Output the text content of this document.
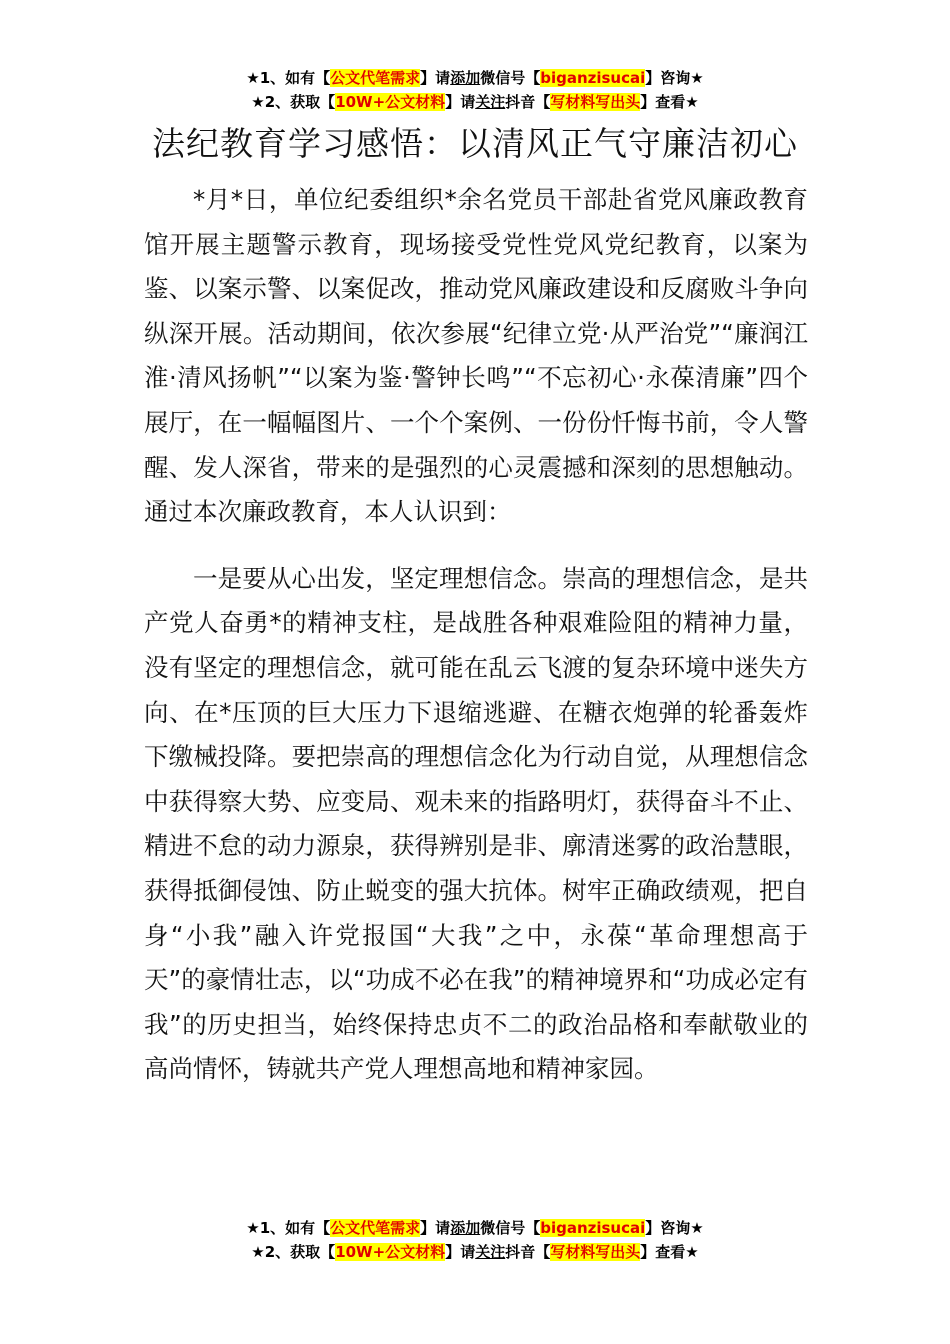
★1、如有【公文代笔需求】请添加微信号【biganzisucai】咨询★
★2、获取【10W+公文材料】请关注抖音【写材料写出头】查看★
法纪教育学习感悟：以清风正气守廉洁初心

*月*日，单位纪委组织*余名党员干部赴省党风廉政教育馆开展主题警示教育，现场接受党性党风党纪教育，以案为鉴、以案示警、以案促改，推动党风廉政建设和反腐败斗争向纵深开展。活动期间，依次参展“纪律立党·从严治党”“廉润江淮·清风扬帆”“以案为鉴·警钟长鸣”“不忘初心·永葆清廉”四个展厅，在一幅幅图片、一个个案例、一份份忏悔书前，令人警醒、发人深省，带来的是强烈的心灵震撼和深刻的思想触动。通过本次廉政教育，本人认识到：

一是要从心出发，坚定理想信念。崇高的理想信念，是共产党人奋勇*的精神支柱，是战胜各种艰难险阻的精神力量，没有坚定的理想信念，就可能在乱云飞渡的复杂环境中迷失方向、在*压顶的巨大压力下退缩逃避、在糖衣炮弹的轮番轰炸下缴械投降。要把崇高的理想信念化为行动自觉，从理想信念中获得察大势、应变局、观未来的指路明灯，获得奋斗不止、精进不怠的动力源泉，获得辨别是非、廓清迷雾的政治慧眼，获得抵御侵蚀、防止蜕变的强大抗体。树牢正确政绩观，把自身“小我”融入许党报国“大我”之中，永葆“革命理想高于天”的豪情壮志，以“功成不必在我”的精神境界和“功成必定有我”的历史担当，始终保持忠贞不二的政治品格和奉献敬业的高尚情怀，铸就共产党人理想高地和精神家园。

★1、如有【公文代笔需求】请添加微信号【biganzisucai】咨询★
★2、获取【10W+公文材料】请关注抖音【写材料写出头】查看★
